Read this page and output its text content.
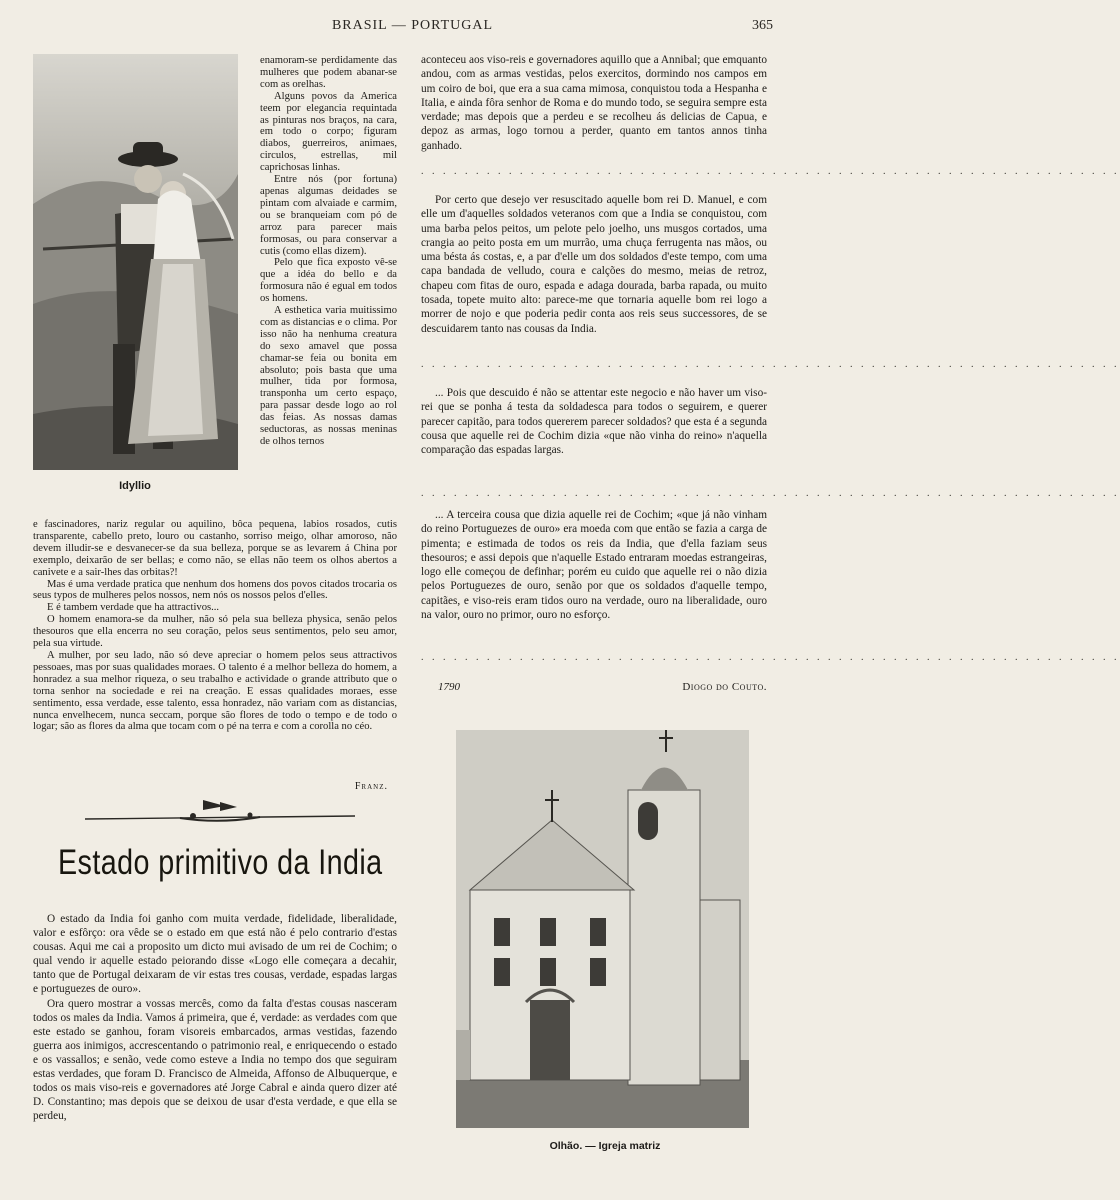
BRASIL — PORTUGAL	365
Idyllio

enamoram-se perdidamente das mulheres que podem abanar-se com as orelhas.

Alguns povos da America teem por elegancia requintada as pinturas nos braços, na cara, em todo o corpo; figuram diabos, guerreiros, animaes, circulos, estrellas, mil caprichosas linhas.

Entre nós (por fortuna) apenas algumas deidades se pintam com alvaiade e carmim, ou se branqueiam com pó de arroz para parecer mais formosas, ou para conservar a cutis (como ellas dizem).

Pelo que fica exposto vê-se que a idéa do bello e da formosura não é egual em todos os homens.

A esthetica varia muitissimo com as distancias e o clima. Por isso não ha nenhuma creatura do sexo amavel que possa chamar-se feia ou bonita em absoluto; pois basta que uma mulher, tida por formosa, transponha um certo espaço, para passar desde logo ao rol das feias. As nossas damas seductoras, as nossas meninas de olhos ternos

e fascinadores, nariz regular ou aquilino, bôca pequena, labios rosados, cutis transparente, cabello preto, louro ou castanho, sorriso meigo, olhar amoroso, não devem illudir-se e desvanecer-se da sua belleza, porque se as levarem á China por exemplo, deixarão de ser bellas; e como não, se ellas não teem os olhos abertos a canivete e a sair-lhes das orbitas?!

Mas é uma verdade pratica que nenhum dos homens dos povos citados trocaria os seus typos de mulheres pelos nossos, nem nós os nossos pelos d'elles.

E é tambem verdade que ha attractivos...

O homem enamora-se da mulher, não só pela sua belleza physica, senão pelos thesouros que ella encerra no seu coração, pelos seus sentimentos, pelo seu amor, pela sua virtude.

A mulher, por seu lado, não só deve apreciar o homem pelos seus attractivos pessoaes, mas por suas qualidades moraes. O talento é a melhor belleza do homem, a honradez a sua melhor riqueza, o seu trabalho e actividade o grande attributo que o torna senhor na sociedade e rei na creação. E essas qualidades moraes, esse sentimento, essa verdade, esse talento, essa honradez, não variam com as distancias, nunca envelhecem, nunca seccam, porque são flores de todo o tempo e de todo o logar; são as flores da alma que tocam com o pé na terra e com a corolla no céo.

Franz.
Estado primitivo da India

O estado da India foi ganho com muita verdade, fidelidade, liberalidade, valor e esfôrço: ora vêde se o estado em que está não é pelo contrario d'estas cousas. Aqui me cai a proposito um dicto mui avisado de um rei de Cochim; o qual vendo ir aquelle estado peiorando disse «Logo elle começara a decahir, tanto que de Portugal deixaram de vir estas tres cousas, verdade, espadas largas e portuguezes de ouro».

Ora quero mostrar a vossas mercês, como da falta d'estas cousas nasceram todos os males da India. Vamos á primeira, que é, verdade: as verdades com que este estado se ganhou, foram visoreis embarcados, armas vestidas, fazendo guerra aos inimigos, accrescentando o patrimonio real, e enriquecendo o estado e os vassallos; e senão, vede como esteve a India no tempo dos que seguiram estas verdades, que foram D. Francisco de Almeida, Affonso de Albuquerque, e todos os mais viso-reis e governadores até Jorge Cabral e ainda quero dizer até D. Constantino; mas depois que se deixou de usar d'esta verdade, e que ella se perdeu,

aconteceu aos viso-reis e governadores aquillo que a Annibal; que emquanto andou, com as armas vestidas, pelos exercitos, dormindo nos campos em um coiro de boi, que era a sua cama mimosa, conquistou toda a Hespanha e Italia, e ainda fôra senhor de Roma e do mundo todo, se seguira sempre esta verdade; mas depois que a perdeu e se recolheu ás delicias de Capua, e depoz as armas, logo tornou a perder, quanto em tantos annos tinha ganhado.

. . . . . . . . . . . . . . . . . . . . . . . . . . . . . . . . . . . . . . . . . . . . . . . . . . . . . . . . . . . . . . . .

Por certo que desejo ver resuscitado aquelle bom rei D. Manuel, e com elle um d'aquelles soldados veteranos com que a India se conquistou, com uma barba pelos peitos, um pelote pelo joelho, uns musgos cortados, uma crangia ao peito posta em um murrão, uma chuça ferrugenta nas mãos, ou uma bésta ás costas, e, a par d'elle um dos soldados d'este tempo, com uma capa bandada de velludo, coura e calções do mesmo, meias de retroz, chapeu com fitas de ouro, espada e adaga dourada, barba rapada, ou muito tosada, topete muito alto: parece-me que tornaria aquelle bom rei logo a morrer de nojo e que poderia pedir conta aos reis seus successores, de se descuidarem tanto nas cousas da India.

. . . . . . . . . . . . . . . . . . . . . . . . . . . . . . . . . . . . . . . . . . . . . . . . . . . . . . . . . . . . . . . .

... Pois que descuido é não se attentar este negocio e não haver um viso-rei que se ponha á testa da soldadesca para todos o seguirem, e querer parecer capitão, para todos quererem parecer soldados? que esta é a segunda cousa que aquelle rei de Cochim dizia «que não vinha do reino» n'aquella comparação das espadas largas.

. . . . . . . . . . . . . . . . . . . . . . . . . . . . . . . . . . . . . . . . . . . . . . . . . . . . . . . . . . . . . . . .

... A terceira cousa que dizia aquelle rei de Cochim; «que já não vinham do reino Portuguezes de ouro» era moeda com que então se fazia a carga de pimenta; e estimada de todos os reis da India, que d'ella faziam seus thesouros; e assi depois que n'aquelle Estado entraram moedas estrangeiras, logo elle começou de definhar; porém eu cuido que aquelle rei o não dizia pelos Portuguezes de ouro, senão por que os soldados d'aquelle tempo, capitães, e viso-reis eram tidos ouro na verdade, ouro na liberalidade, ouro na valor, ouro no primor, ouro no esforço.

. . . . . . . . . . . . . . . . . . . . . . . . . . . . . . . . . . . . . . . . . . . . . . . . . . . . . . . . . . . . . . . .
1790	Diogo do Couto.
Olhão. — Igreja matriz
